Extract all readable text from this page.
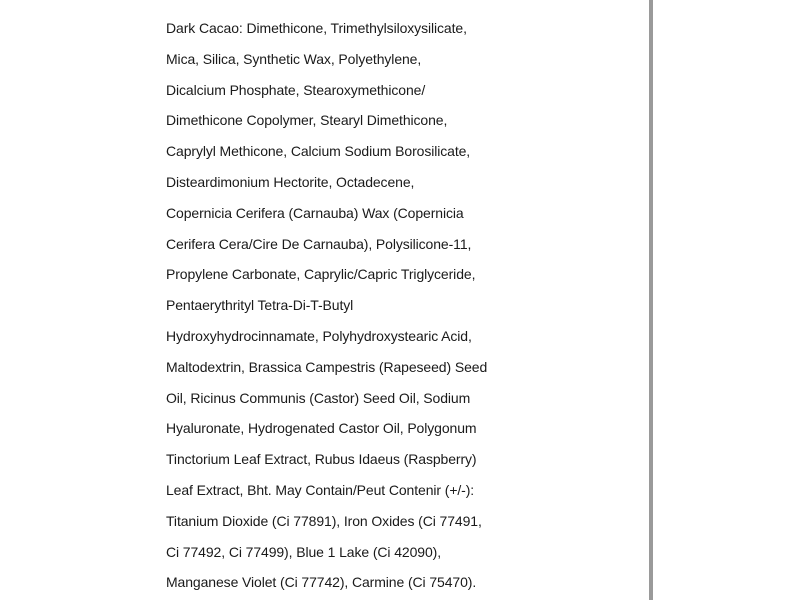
Dark Cacao: Dimethicone, Trimethylsiloxysilicate,
Mica, Silica, Synthetic Wax, Polyethylene,
Dicalcium Phosphate, Stearoxymethicone/
Dimethicone Copolymer, Stearyl Dimethicone,
Caprylyl Methicone, Calcium Sodium Borosilicate,
Disteardimonium Hectorite, Octadecene,
Copernicia Cerifera (Carnauba) Wax (Copernicia
Cerifera Cera/Cire De Carnauba), Polysilicone-11,
Propylene Carbonate, Caprylic/Capric Triglyceride,
Pentaerythrityl Tetra-Di-T-Butyl
Hydroxyhydrocinnamate, Polyhydroxystearic Acid,
Maltodextrin, Brassica Campestris (Rapeseed) Seed
Oil, Ricinus Communis (Castor) Seed Oil, Sodium
Hyaluronate, Hydrogenated Castor Oil, Polygonum
Tinctorium Leaf Extract, Rubus Idaeus (Raspberry)
Leaf Extract, Bht. May Contain/Peut Contenir (+/-):
Titanium Dioxide (Ci 77891), Iron Oxides (Ci 77491,
Ci 77492, Ci 77499), Blue 1 Lake (Ci 42090),
Manganese Violet (Ci 77742), Carmine (Ci 75470).
